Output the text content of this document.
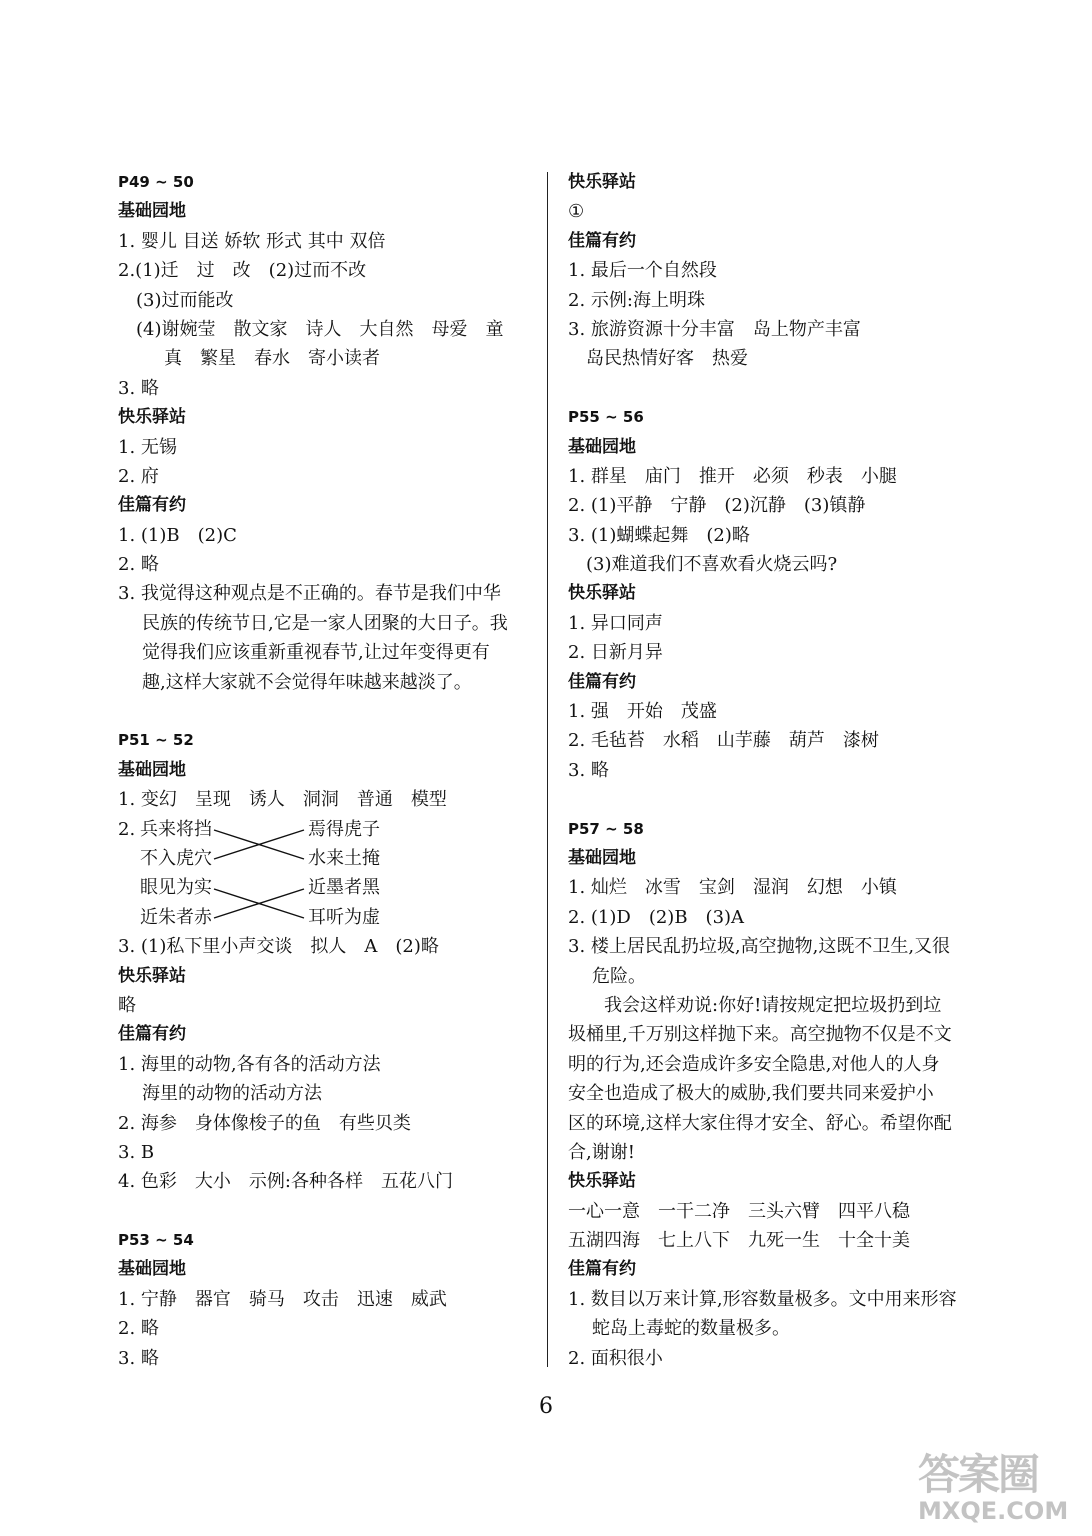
P49 ~ 50
基础园地
1. 婴儿 目送 娇软 形式 其中 双倍
2.(1)迁　过　改　(2)过而不改
(3)过而能改
(4)谢婉莹　散文家　诗人　大自然　母爱　童
真　繁星　春水　寄小读者
3. 略
快乐驿站
1. 无锡
2. 府
佳篇有约
1. (1)B　(2)C
2. 略
3. 我觉得这种观点是不正确的。春节是我们中华
民族的传统节日,它是一家人团聚的大日子。我
觉得我们应该重新重视春节,让过年变得更有
趣,这样大家就不会觉得年味越来越淡了。
P51 ~ 52
基础园地
1. 变幻　呈现　诱人　洞洞　普通　模型
2. 兵来将挡
不入虎穴
眼见为实
近朱者赤
焉得虎子
水来土掩
近墨者黑
耳听为虚
3. (1)私下里小声交谈　拟人　A　(2)略
快乐驿站
略
佳篇有约
1. 海里的动物,各有各的活动方法
海里的动物的活动方法
2. 海参　身体像梭子的鱼　有些贝类
3. B
4. 色彩　大小　示例:各种各样　五花八门
P53 ~ 54
基础园地
1. 宁静　器官　骑马　攻击　迅速　威武
2. 略
3. 略
快乐驿站
①
佳篇有约
1. 最后一个自然段
2. 示例:海上明珠
3. 旅游资源十分丰富　岛上物产丰富
岛民热情好客　热爱
P55 ~ 56
基础园地
1. 群星　庙门　推开　必须　秒表　小腿
2. (1)平静　宁静　(2)沉静　(3)镇静
3. (1)蝴蝶起舞　(2)略
(3)难道我们不喜欢看火烧云吗?
快乐驿站
1. 异口同声
2. 日新月异
佳篇有约
1. 强　开始　茂盛
2. 毛毡苔　水稻　山芋藤　葫芦　漆树
3. 略
P57 ~ 58
基础园地
1. 灿烂　冰雪　宝剑　湿润　幻想　小镇
2. (1)D　(2)B　(3)A
3. 楼上居民乱扔垃圾,高空抛物,这既不卫生,又很
危险。
我会这样劝说:你好!请按规定把垃圾扔到垃
圾桶里,千万别这样抛下来。高空抛物不仅是不文
明的行为,还会造成许多安全隐患,对他人的人身
安全也造成了极大的威胁,我们要共同来爱护小
区的环境,这样大家住得才安全、舒心。希望你配
合,谢谢!
快乐驿站
一心一意　一干二净　三头六臂　四平八稳
五湖四海　七上八下　九死一生　十全十美
佳篇有约
1. 数目以万来计算,形容数量极多。文中用来形容
蛇岛上毒蛇的数量极多。
2. 面积很小
6
答案圈
MXQE.COM
